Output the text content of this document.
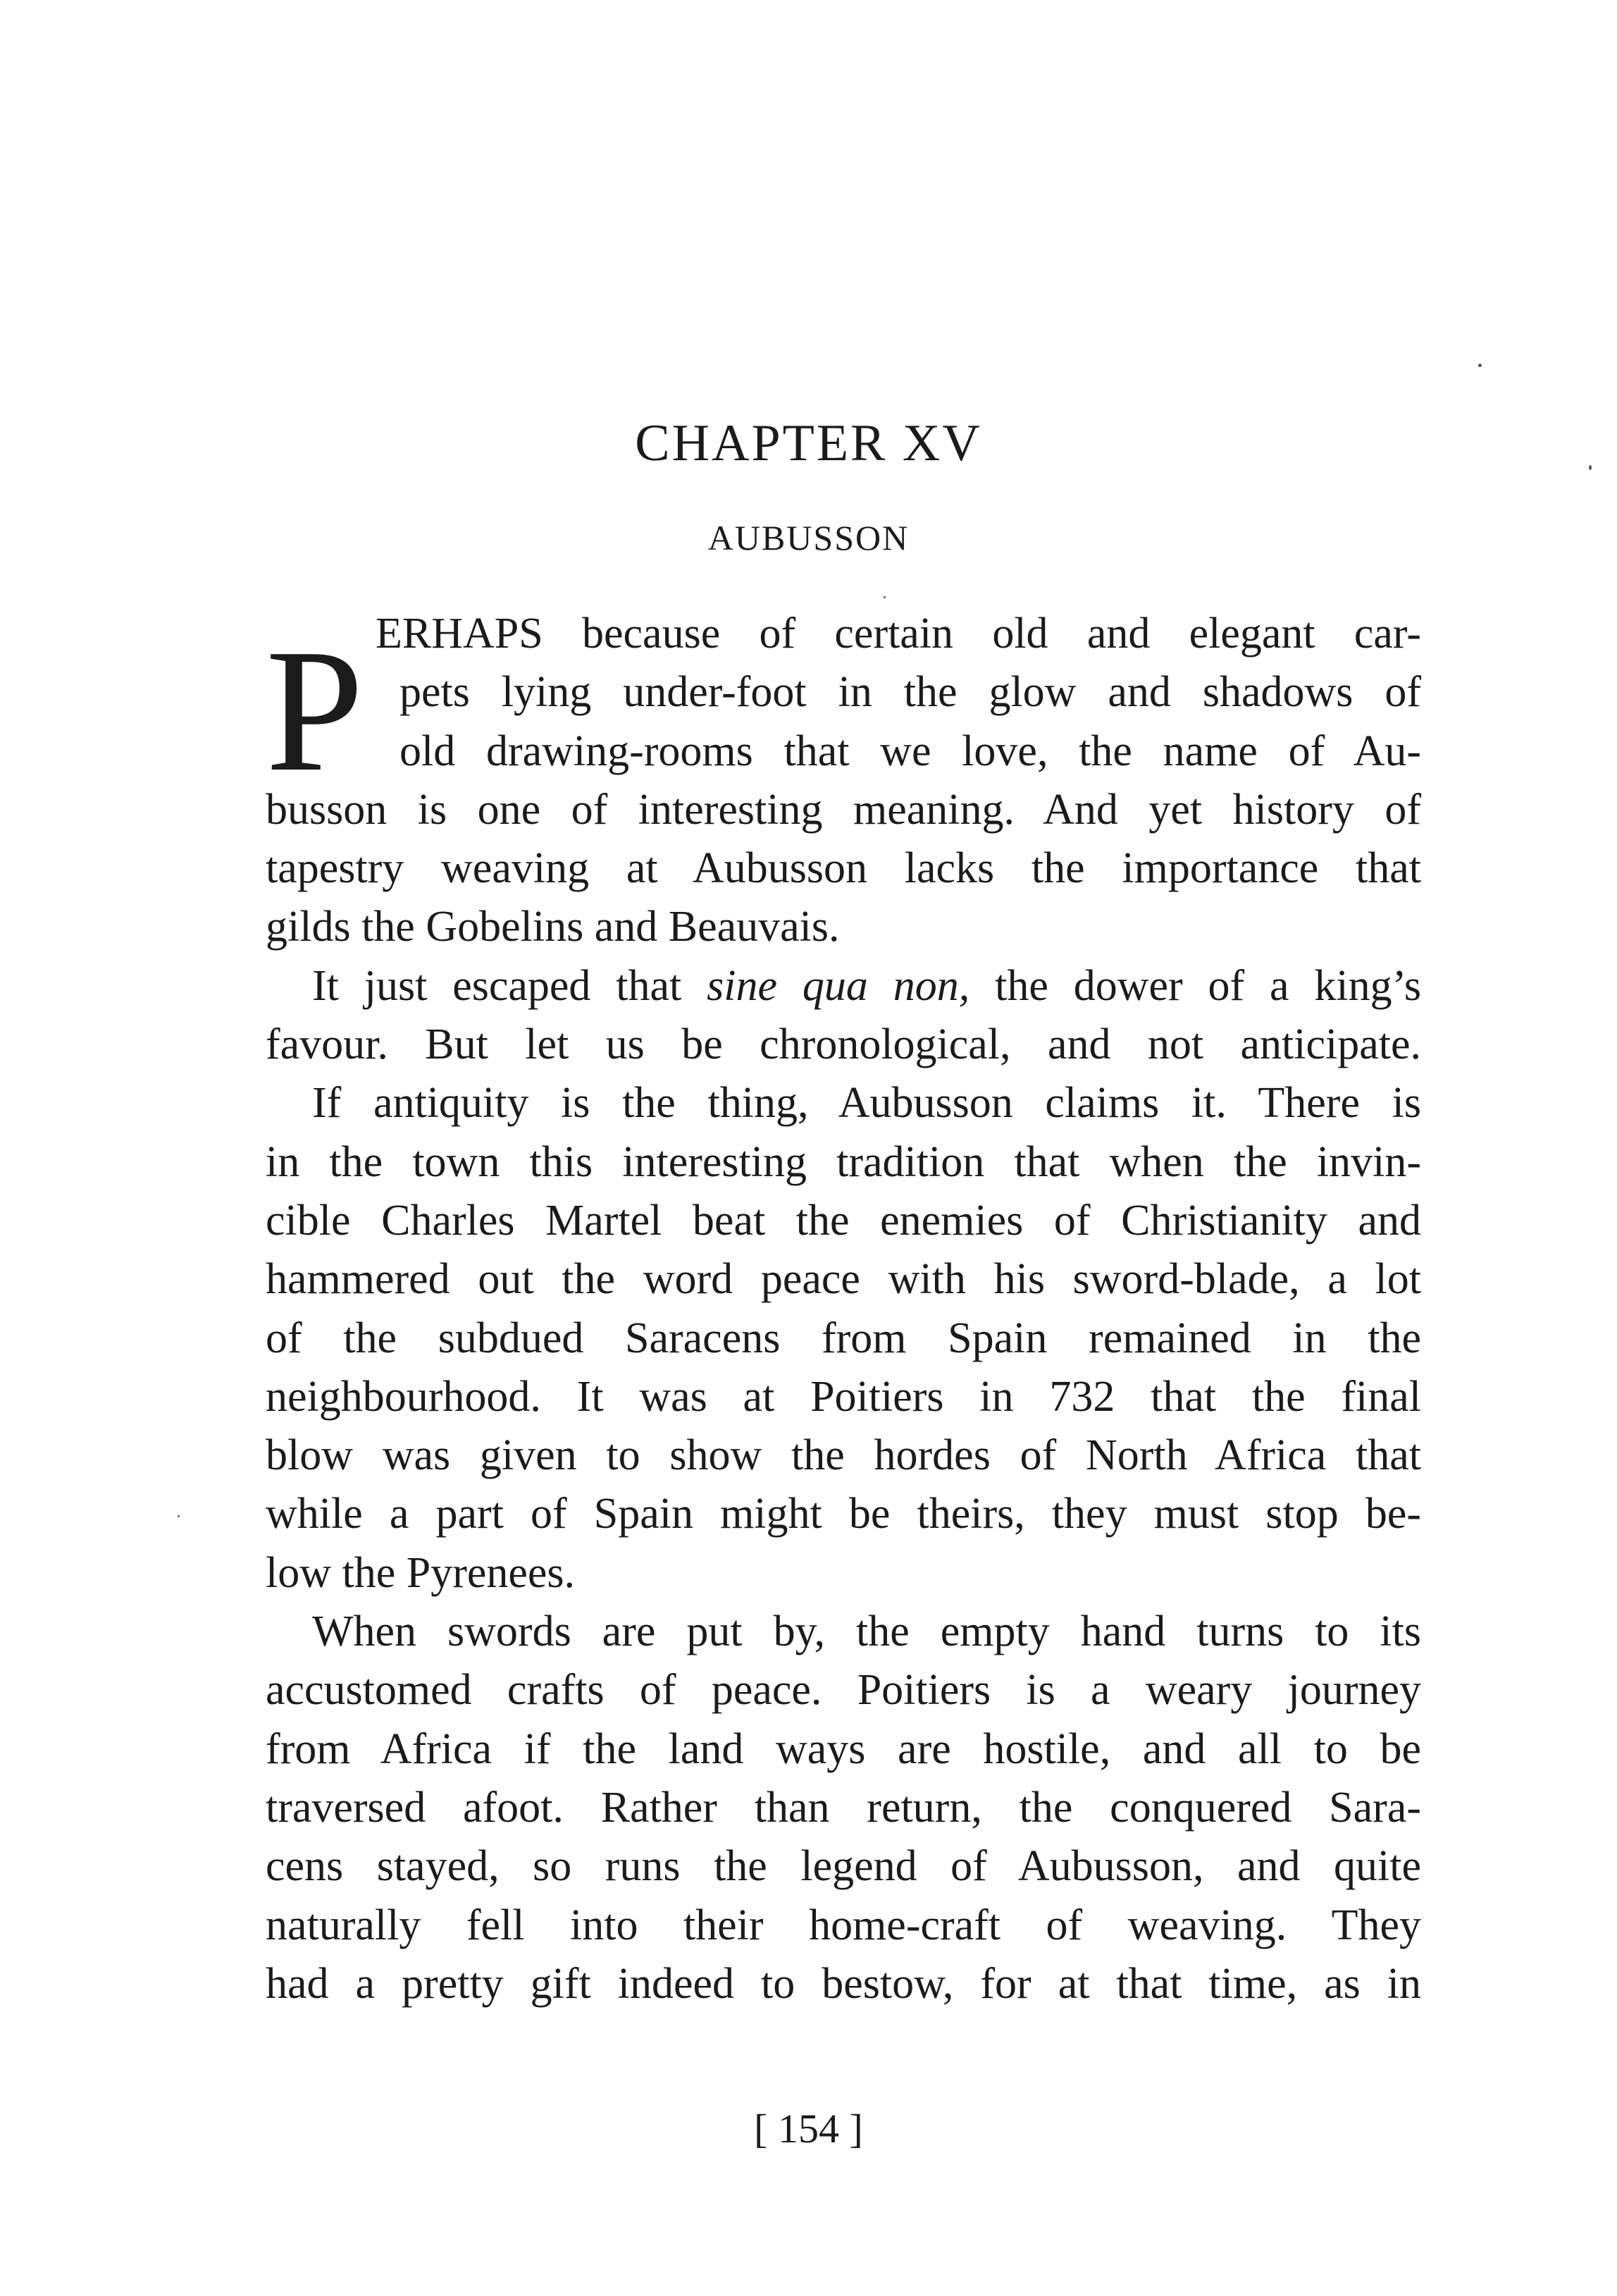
CHAPTER XV
AUBUSSON
P ERHAPS because of certain old and elegant car-
pets lying under-foot in the glow and shadows of
old drawing-rooms that we love, the name of Au-
busson is one of interesting meaning. And yet history of
tapestry weaving at Aubusson lacks the importance that
gilds the Gobelins and Beauvais.
It just escaped that sine qua non, the dower of a king’s
favour. But let us be chronological, and not anticipate.
If antiquity is the thing, Aubusson claims it. There is
in the town this interesting tradition that when the invin-
cible Charles Martel beat the enemies of Christianity and
hammered out the word peace with his sword-blade, a lot
of the subdued Saracens from Spain remained in the
neighbourhood. It was at Poitiers in 732 that the final
blow was given to show the hordes of North Africa that
while a part of Spain might be theirs, they must stop be-
low the Pyrenees.
When swords are put by, the empty hand turns to its
accustomed crafts of peace. Poitiers is a weary journey
from Africa if the land ways are hostile, and all to be
traversed afoot. Rather than return, the conquered Sara-
cens stayed, so runs the legend of Aubusson, and quite
naturally fell into their home-craft of weaving. They
had a pretty gift indeed to bestow, for at that time, as in
[ 154 ]
